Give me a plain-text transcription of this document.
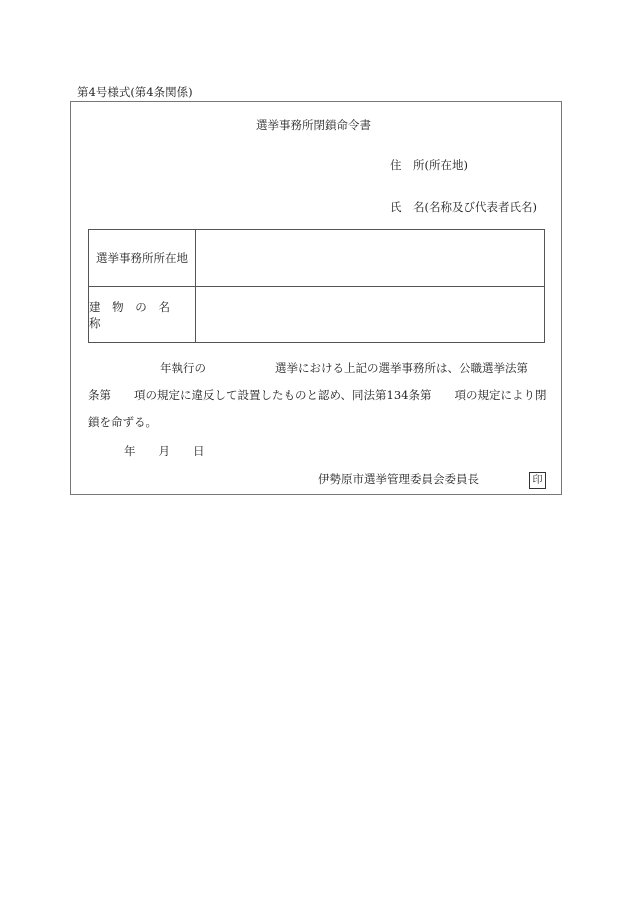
第4号様式(第4条関係)
選挙事務所閉鎖命令書
住　所(所在地)
氏　名(名称及び代表者氏名)
選挙事務所所在地
建 物 の 名 称
年執行の　　　　　　選挙における上記の選挙事務所は、公職選挙法第
条第　　項の規定に違反して設置したものと認め、同法第134条第　　項の規定により閉
鎖を命ずる。
年　　月　　日
伊勢原市選挙管理委員会委員長	印
